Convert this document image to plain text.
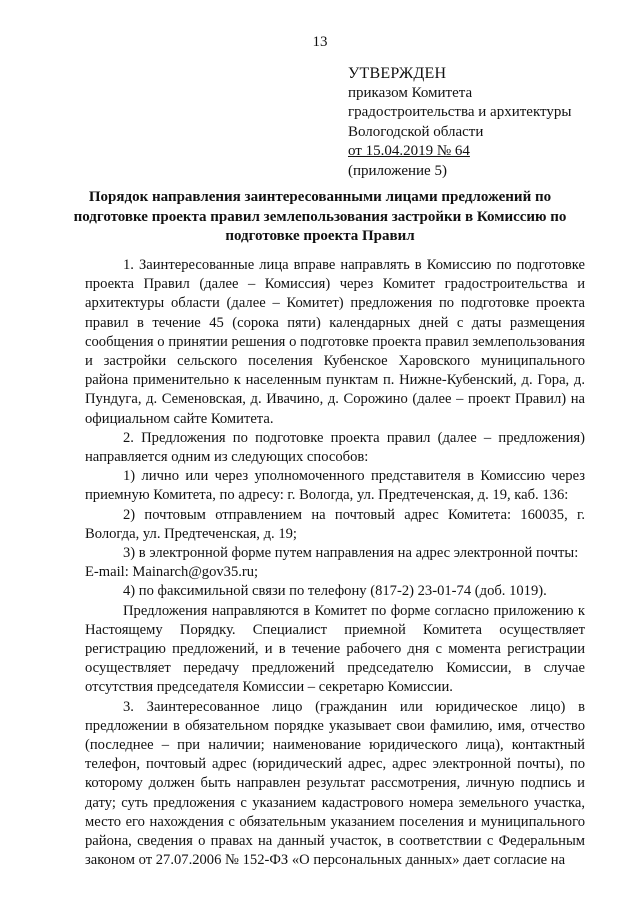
13
УТВЕРЖДЕН
приказом Комитета
градостроительства и архитектуры
Вологодской области
от 15.04.2019 № 64
(приложение 5)
Порядок направления заинтересованными лицами предложений по
подготовке проекта правил землепользования застройки в Комиссию по
подготовке проекта Правил

1. Заинтересованные лица вправе направлять в Комиссию по подготовке проекта Правил (далее – Комиссия) через Комитет градостроительства и архитектуры области (далее – Комитет) предложения по подготовке проекта правил в течение 45 (сорока пяти) календарных дней с даты размещения сообщения о принятии решения о подготовке проекта правил землепользования и застройки сельского поселения Кубенское Харовского муниципального района применительно к населенным пунктам п. Нижне-Кубенский, д. Гора, д. Пундуга, д. Семеновская, д. Ивачино, д. Сорожино (далее – проект Правил) на официальном сайте Комитета.

2. Предложения по подготовке проекта правил (далее – предложения) направляется одним из следующих способов:

1) лично или через уполномоченного представителя в Комиссию через приемную Комитета, по адресу: г. Вологда, ул. Предтеченская, д. 19, каб. 136:

2) почтовым отправлением на почтовый адрес Комитета: 160035, г. Вологда, ул. Предтеченская, д. 19;

3) в электронной форме путем направления на адрес электронной почты:

E-mail: Mainarch@gov35.ru;

4) по факсимильной связи по телефону (817-2) 23-01-74 (доб. 1019).

Предложения направляются в Комитет по форме согласно приложению к Настоящему Порядку. Специалист приемной Комитета осуществляет регистрацию предложений, и в течение рабочего дня с момента регистрации осуществляет передачу предложений председателю Комиссии, в случае отсутствия председателя Комиссии – секретарю Комиссии.

3. Заинтересованное лицо (гражданин или юридическое лицо) в предложении в обязательном порядке указывает свои фамилию, имя, отчество (последнее – при наличии; наименование юридического лица), контактный телефон, почтовый адрес (юридический адрес, адрес электронной почты), по которому должен быть направлен результат рассмотрения, личную подпись и дату; суть предложения с указанием кадастрового номера земельного участка, место его нахождения с обязательным указанием поселения и муниципального района, сведения о правах на данный участок, в соответствии с Федеральным законом от 27.07.2006 № 152-ФЗ «О персональных данных» дает согласие на
